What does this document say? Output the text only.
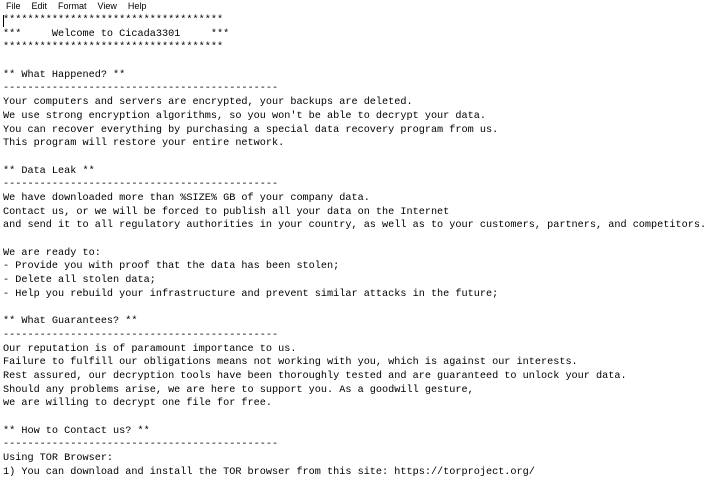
File	Edit	Format	View	Help
************************************
***     Welcome to Cicada3301     ***
************************************
** What Happened? **
---------------------------------------------
Your computers and servers are encrypted, your backups are deleted.
We use strong encryption algorithms, so you won't be able to decrypt your data.
You can recover everything by purchasing a special data recovery program from us.
This program will restore your entire network.
** Data Leak **
---------------------------------------------
We have downloaded more than %SIZE% GB of your company data.
Contact us, or we will be forced to publish all your data on the Internet
and send it to all regulatory authorities in your country, as well as to your customers, partners, and competitors.
We are ready to:
- Provide you with proof that the data has been stolen;
- Delete all stolen data;
- Help you rebuild your infrastructure and prevent similar attacks in the future;
** What Guarantees? **
---------------------------------------------
Our reputation is of paramount importance to us.
Failure to fulfill our obligations means not working with you, which is against our interests.
Rest assured, our decryption tools have been thoroughly tested and are guaranteed to unlock your data.
Should any problems arise, we are here to support you. As a goodwill gesture,
we are willing to decrypt one file for free.
** How to Contact us? **
---------------------------------------------
Using TOR Browser:
1) You can download and install the TOR browser from this site: https://torproject.org/
